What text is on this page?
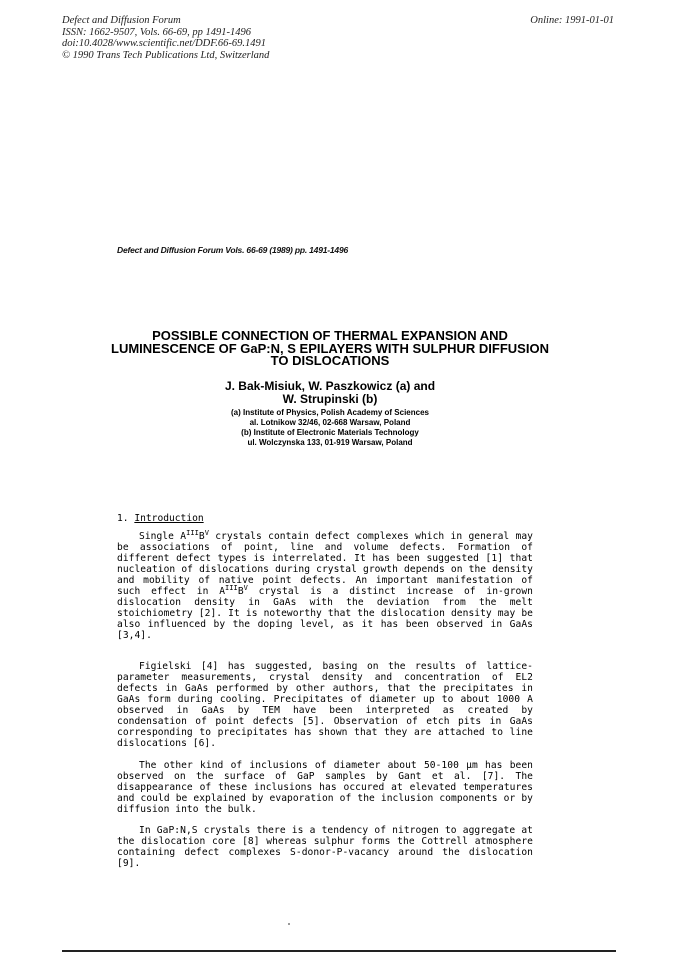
Defect and Diffusion Forum
ISSN: 1662-9507, Vols. 66-69, pp 1491-1496
doi:10.4028/www.scientific.net/DDF.66-69.1491
© 1990 Trans Tech Publications Ltd, Switzerland
Online: 1991-01-01
Defect and Diffusion Forum Vols. 66-69 (1989) pp. 1491-1496
POSSIBLE CONNECTION OF THERMAL EXPANSION AND
LUMINESCENCE OF GaP:N, S EPILAYERS WITH SULPHUR DIFFUSION
TO DISLOCATIONS
J. Bak-Misiuk, W. Paszkowicz (a) and
W. Strupinski (b)
(a) Institute of Physics, Polish Academy of Sciences
al. Lotnikow 32/46, 02-668 Warsaw, Poland
(b) Institute of Electronic Materials Technology
ul. Wolczynska 133, 01-919 Warsaw, Poland
1. Introduction

Single $A^{III}B^V$ crystals contain defect complexes which in general may be associations of point, line and volume defects. Formation of different defect types is interrelated. It has been suggested [1] that nucleation of dislocations during crystal growth depends on the density and mobility of native point defects. An important manifestation of such effect in $A^{III}B^V$ crystal is a distinct increase of in-grown dislocation density in GaAs with the deviation from the melt stoichiometry [2]. It is noteworthy that the dislocation density may be also influenced by the doping level, as it has been observed in GaAs [3,4].

Figielski [4] has suggested, basing on the results of lattice-parameter measurements, crystal density and concentration of EL2 defects in GaAs performed by other authors, that the precipitates in GaAs form during cooling. Precipitates of diameter up to about 1000 A observed in GaAs by TEM have been interpreted as created by condensation of point defects [5]. Observation of etch pits in GaAs corresponding to precipitates has shown that they are attached to line dislocations [6].

The other kind of inclusions of diameter about 50-100 μm has been observed on the surface of GaP samples by Gant et al. [7]. The disappearance of these inclusions has occured at elevated temperatures and could be explained by evaporation of the inclusion components or by diffusion into the bulk.

In GaP:N,S crystals there is a tendency of nitrogen to aggregate at the dislocation core [8] whereas sulphur forms the Cottrell atmosphere containing defect complexes S-donor-P-vacancy around the dislocation [9].
